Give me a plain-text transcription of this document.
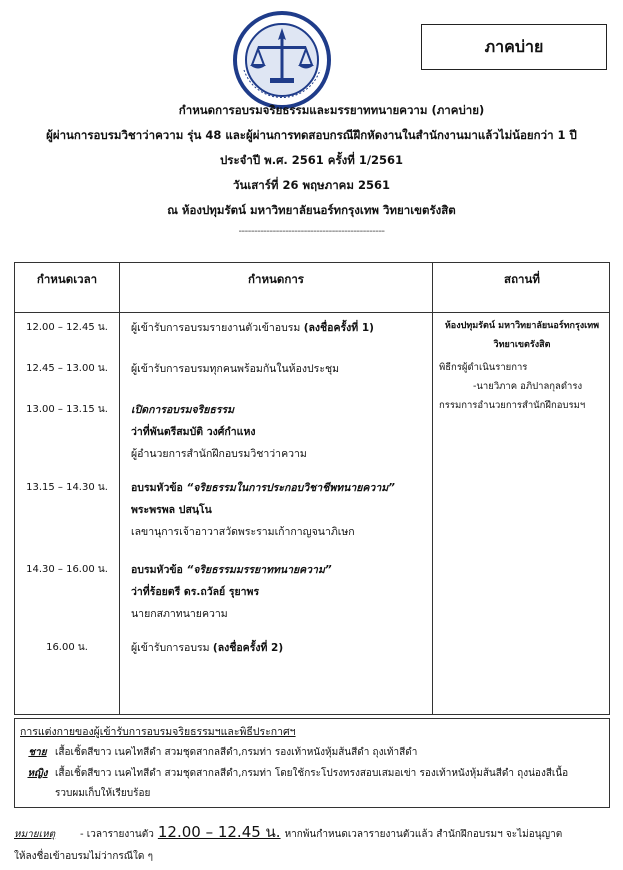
ภาคบ่าย
กำหนดการอบรมจริยธรรมและมรรยาททนายความ (ภาคบ่าย)
ผู้ผ่านการอบรมวิชาว่าความ รุ่น 48 และผู้ผ่านการทดสอบกรณีฝึกหัดงานในสำนักงานมาแล้วไม่น้อยกว่า 1 ปี
ประจำปี พ.ศ. 2561 ครั้งที่ 1/2561
วันเสาร์ที่ 26 พฤษภาคม 2561
ณ ห้องปทุมรัตน์ มหาวิทยาลัยนอร์ทกรุงเทพ วิทยาเขตรังสิต
-----------------------------------------------
กำหนดเวลา	กำหนดการ	สถานที่
12.00 – 12.45 น.	ผู้เข้ารับการอบรมรายงานตัวเข้าอบรม (ลงชื่อครั้งที่ 1)	ห้องปทุมรัตน์ มหาวิทยาลัยนอร์ทกรุงเทพ
วิทยาเขตรังสิต
12.45 – 13.00 น.	ผู้เข้ารับการอบรมทุกคนพร้อมกันในห้องประชุม	พิธีกรผู้ดำเนินรายการ
-นายวิภาค อภิปาลกุลดำรง
กรรมการอำนวยการสำนักฝึกอบรมฯ
13.00 – 13.15 น.	เปิดการอบรมจริยธรรม
ว่าที่พันตรีสมบัติ วงศ์กำแหง
ผู้อำนวยการสำนักฝึกอบรมวิชาว่าความ
13.15 – 14.30 น.	อบรมหัวข้อ “จริยธรรมในการประกอบวิชาชีพทนายความ”
พระพรพล ปสนฺโน
เลขานุการเจ้าอาวาสวัดพระรามเก้ากาญจนาภิเษก
14.30 – 16.00 น.	อบรมหัวข้อ “จริยธรรมมรรยาททนายความ”
ว่าที่ร้อยตรี ดร.ถวัลย์ รุยาพร
นายกสภาทนายความ
16.00 น.	ผู้เข้ารับการอบรม (ลงชื่อครั้งที่ 2)
การแต่งกายของผู้เข้ารับการอบรมจริยธรรมฯและพิธีประกาศฯ
ชาย เสื้อเชิ้ตสีขาว เนคไทสีดำ สวมชุดสากลสีดำ,กรมท่า รองเท้าหนังหุ้มส้นสีดำ ถุงเท้าสีดำ
หญิง เสื้อเชิ้ตสีขาว เนคไทสีดำ สวมชุดสากลสีดำ,กรมท่า โดยใช้กระโปรงทรงสอบเสมอเข่า รองเท้าหนังหุ้มส้นสีดำ ถุงน่องสีเนื้อ
รวบผมเก็บให้เรียบร้อย
หมายเหตุ	- เวลารายงานตัว 12.00 – 12.45 น. หากพ้นกำหนดเวลารายงานตัวแล้ว สำนักฝึกอบรมฯ จะไม่อนุญาต
ให้ลงชื่อเข้าอบรมไม่ว่ากรณีใด ๆ
